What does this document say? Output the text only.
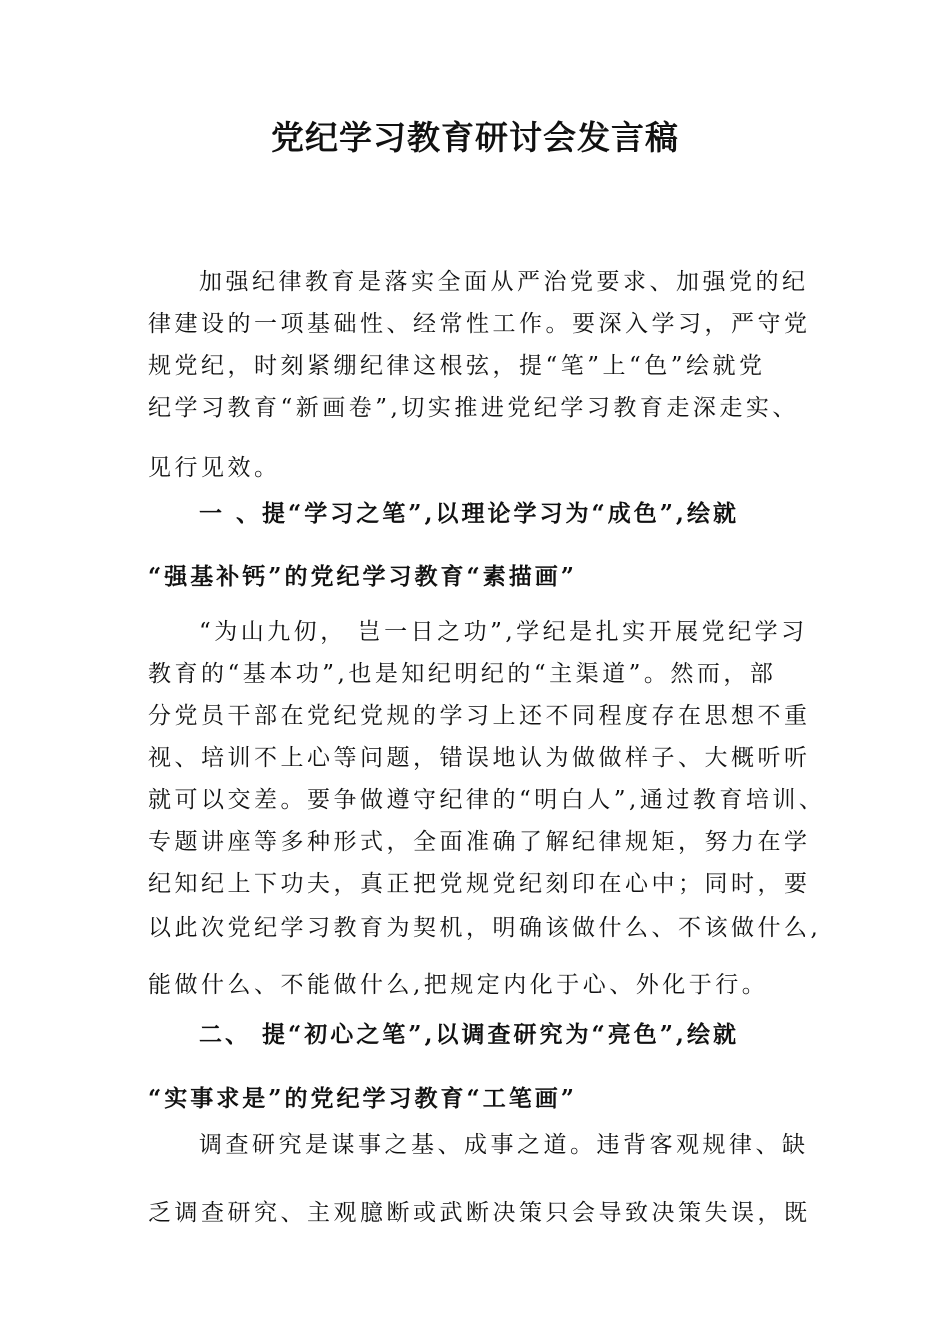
党纪学习教育研讨会发言稿
加强纪律教育是落实全面从严治党要求、加强党的纪
律建设的一项基础性、经常性工作。要深入学习，严守党
规党纪，时刻紧绷纪律这根弦，提“笔”上“色”绘就党
纪学习教育“新画卷”,切实推进党纪学习教育走深走实、
见行见效。
一 、提“学习之笔”,以理论学习为“成色”,绘就
“强基补钙”的党纪学习教育“素描画”
“为山九仞， 岂一日之功”,学纪是扎实开展党纪学习
教育的“基本功”,也是知纪明纪的“主渠道”。然而，部
分党员干部在党纪党规的学习上还不同程度存在思想不重
视、培训不上心等问题，错误地认为做做样子、大概听听
就可以交差。要争做遵守纪律的“明白人”,通过教育培训、
专题讲座等多种形式，全面准确了解纪律规矩，努力在学
纪知纪上下功夫，真正把党规党纪刻印在心中；同时，要
以此次党纪学习教育为契机，明确该做什么、不该做什么,
能做什么、不能做什么,把规定内化于心、外化于行。
二、 提“初心之笔”,以调查研究为“亮色”,绘就
“实事求是”的党纪学习教育“工笔画”
调查研究是谋事之基、成事之道。违背客观规律、缺
乏调查研究、主观臆断或武断决策只会导致决策失误，既
